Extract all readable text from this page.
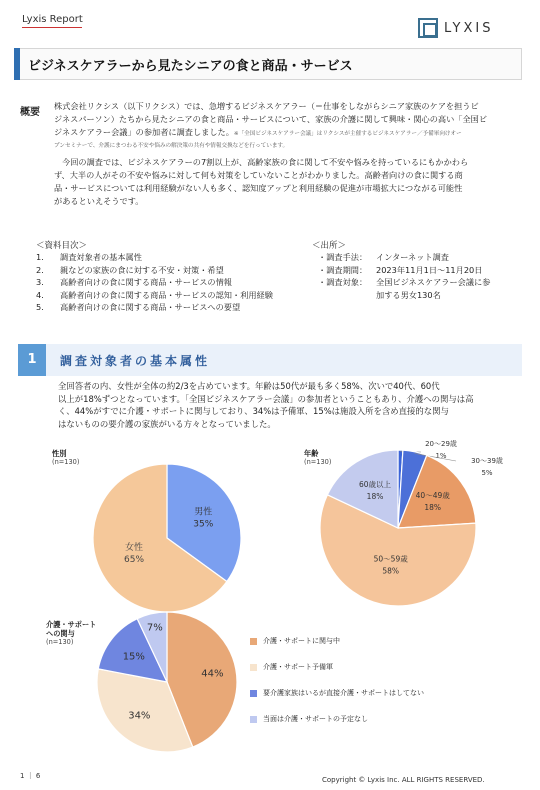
Lyxis Report
LYXIS
ビジネスケアラーから見たシニアの食と商品・サービス
概要
株式会社リクシス（以下リクシス）では、急増するビジネスケアラー（＝仕事をしながらシニア家族のケアを担うビ
ジネスパーソン）たちから見たシニアの食と商品・サービスについて、家族の介護に関して興味・関心の高い「全国ビ
ジネスケアラー会議」の参加者に調査しました。※「全国ビジネスケアラー会議」はリクシスが主催するビジネスケアラー／予備軍向けオー
プンセミナーで、介護にまつわる不安や悩みの解決策の共有や情報交換などを行っています。
今回の調査では、ビジネスケアラーの7割以上が、高齢家族の食に関して不安や悩みを持っているにもかかわら
ず、大半の人がその不安や悩みに対して何も対策をしていないことがわかりました。高齢者向けの食に関する商
品・サービスについては利用経験がない人も多く、認知度アップと利用経験の促進が市場拡大につながる可能性
があるといえそうです。
＜資料目次＞
1.	調査対象者の基本属性
2.	親などの家族の食に対する不安・対策・希望
3.	高齢者向けの食に関する商品・サービスの情報
4.	高齢者向けの食に関する商品・サービスの認知・利用経験
5.	高齢者向けの食に関する商品・サービスへの要望
＜出所＞
・調査手法：	インターネット調査
・調査期間：	2023年11月1日～11月20日
・調査対象：	全国ビジネスケアラー会議に参
加する男女130名
1	調査対象者の基本属性
全回答者の内、女性が全体の約2/3を占めています。年齢は50代が最も多く58%、次いで40代、60代
以上が18%ずつとなっています。「全国ビジネスケアラー会議」の参加者ということもあり、介護への関与は高
く、44%がすでに介護・サポートに関与しており、34%は予備軍、15%は施設入所を含め直接的な関与
はないものの要介護の家族がいる方々となっていました。
性別
(n=130)
年齢
(n=130)
介護・サポート
への関与
(n=130)
男性
35%
女性
65%
20～29歳
1%
30～39歳
5%
40～49歳
18%
50～59歳
58%
60歳以上
18%
44%
34%
15%
7%
介護・サポートに関与中
介護・サポート予備軍
要介護家族はいるが直接介護・サポートはしてない
当面は介護・サポートの予定なし
1 ｜ 6	Copyright © Lyxis Inc. ALL RIGHTS RESERVED.
